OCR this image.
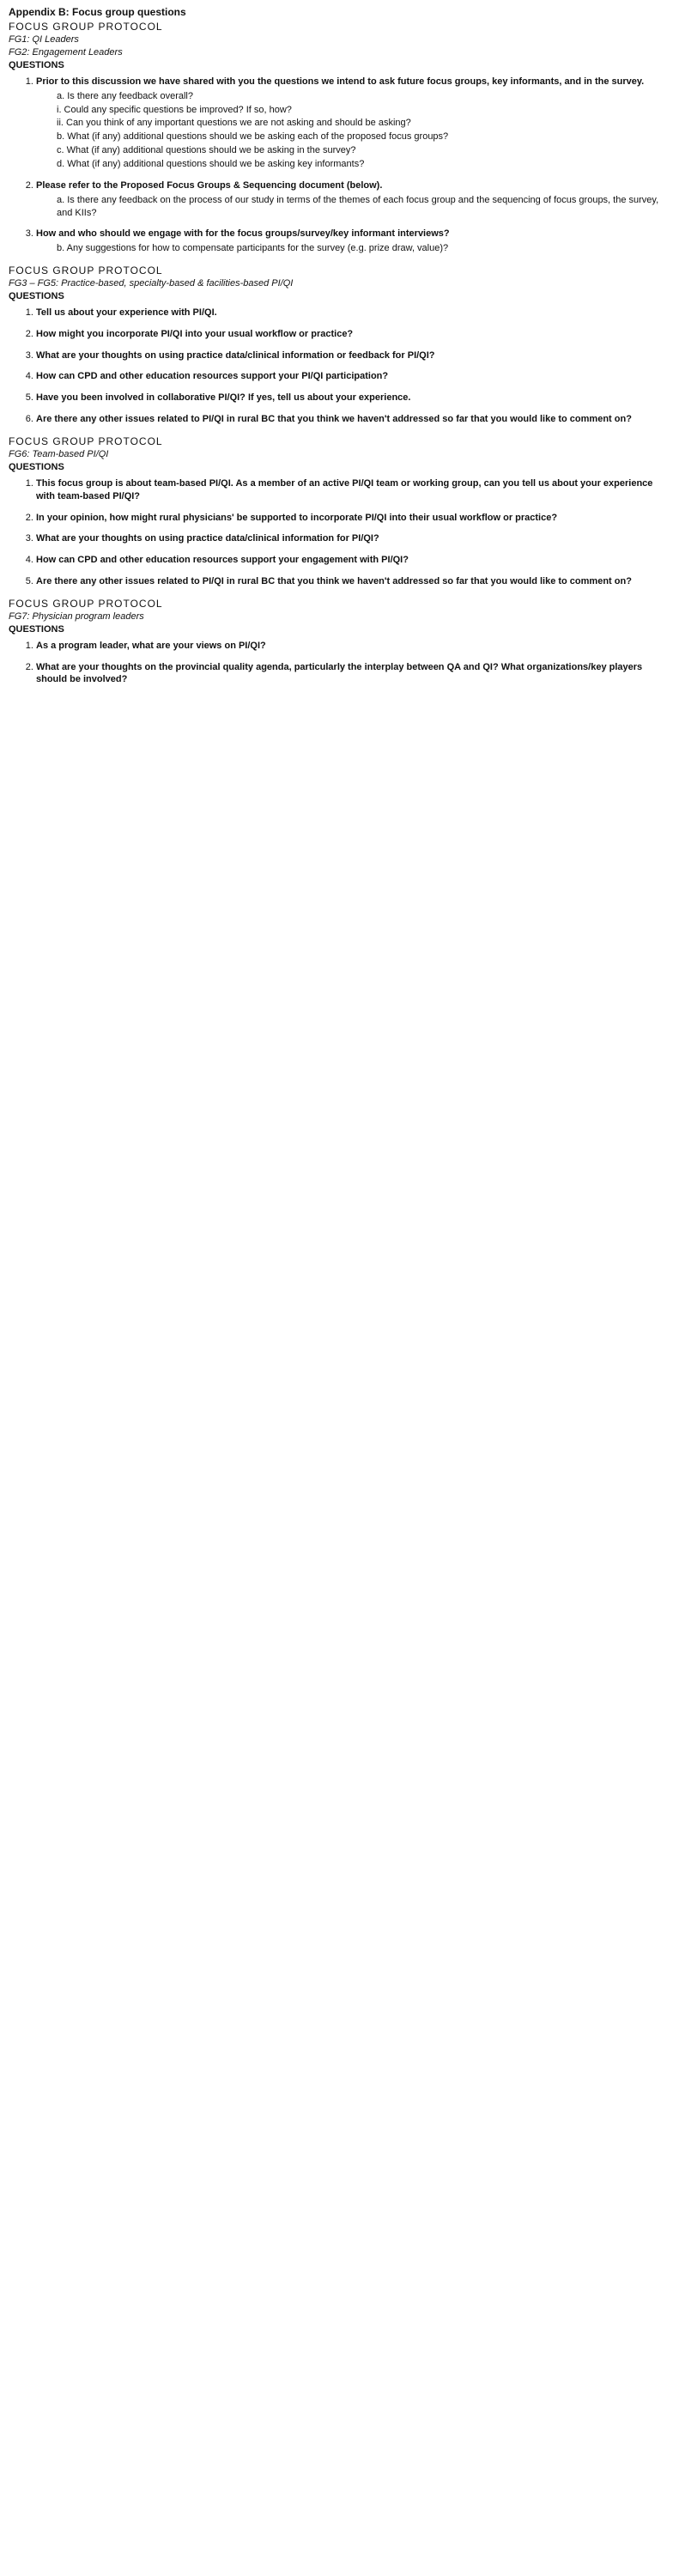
Appendix B: Focus group questions
FOCUS GROUP PROTOCOL
FG1: QI Leaders
FG2: Engagement Leaders
QUESTIONS
1. Prior to this discussion we have shared with you the questions we intend to ask future focus groups, key informants, and in the survey.
a. Is there any feedback overall?
i. Could any specific questions be improved? If so, how?
ii. Can you think of any important questions we are not asking and should be asking?
b. What (if any) additional questions should we be asking each of the proposed focus groups?
c. What (if any) additional questions should we be asking in the survey?
d. What (if any) additional questions should we be asking key informants?
2. Please refer to the Proposed Focus Groups & Sequencing document (below).
a. Is there any feedback on the process of our study in terms of the themes of each focus group and the sequencing of focus groups, the survey, and KIIs?
3. How and who should we engage with for the focus groups/survey/key informant interviews?
b. Any suggestions for how to compensate participants for the survey (e.g. prize draw, value)?
FOCUS GROUP PROTOCOL
FG3 – FG5: Practice-based, specialty-based & facilities-based PI/QI
QUESTIONS
1. Tell us about your experience with PI/QI.
2. How might you incorporate PI/QI into your usual workflow or practice?
3. What are your thoughts on using practice data/clinical information or feedback for PI/QI?
4. How can CPD and other education resources support your PI/QI participation?
5. Have you been involved in collaborative PI/QI? If yes, tell us about your experience.
6. Are there any other issues related to PI/QI in rural BC that you think we haven't addressed so far that you would like to comment on?
FOCUS GROUP PROTOCOL
FG6: Team-based PI/QI
QUESTIONS
1. This focus group is about team-based PI/QI. As a member of an active PI/QI team or working group, can you tell us about your experience with team-based PI/QI?
2. In your opinion, how might rural physicians' be supported to incorporate PI/QI into their usual workflow or practice?
3. What are your thoughts on using practice data/clinical information for PI/QI?
4. How can CPD and other education resources support your engagement with PI/QI?
5. Are there any other issues related to PI/QI in rural BC that you think we haven't addressed so far that you would like to comment on?
FOCUS GROUP PROTOCOL
FG7: Physician program leaders
QUESTIONS
1. As a program leader, what are your views on PI/QI?
2. What are your thoughts on the provincial quality agenda, particularly the interplay between QA and QI? What organizations/key players should be involved?
